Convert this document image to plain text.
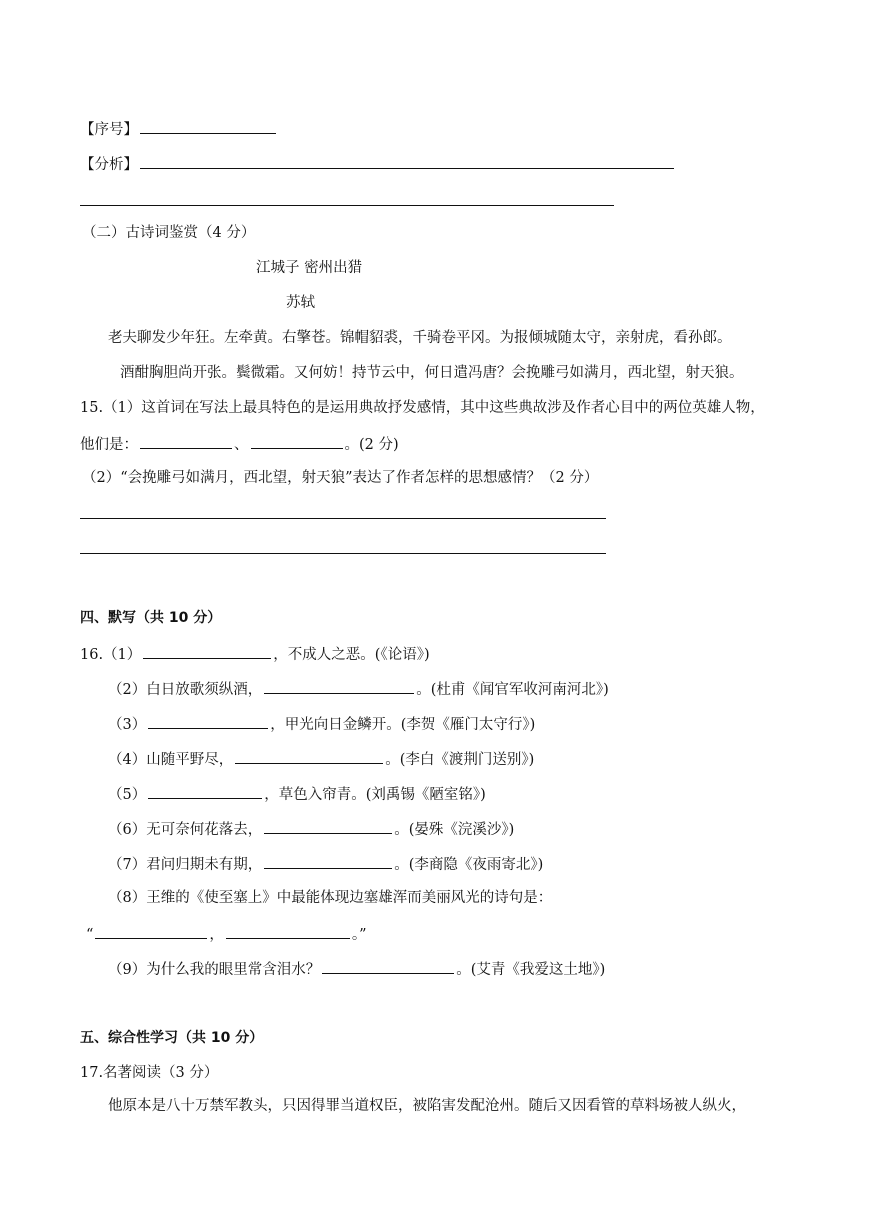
【序号】
【分析】
（二）古诗词鉴赏（4 分）
江城子 密州出猎
苏轼
老夫聊发少年狂。左牵黄。右擎苍。锦帽貂裘，千骑卷平冈。为报倾城随太守，亲射虎，看孙郎。
酒酣胸胆尚开张。鬓微霜。又何妨！持节云中，何日遣冯唐？会挽雕弓如满月，西北望，射天狼。
15.（1）这首词在写法上最具特色的是运用典故抒发感情，其中这些典故涉及作者心目中的两位英雄人物，
他们是：	、	。(2 分)
（2）“会挽雕弓如满月，西北望，射天狼”表达了作者怎样的思想感情？（2 分）
四、默写（共 10 分）
16.（1）	，不成人之恶。(《论语》)
（2）白日放歌须纵酒，	。(杜甫《闻官军收河南河北》)
（3）	，甲光向日金鳞开。(李贺《雁门太守行》)
（4）山随平野尽，	。(李白《渡荆门送别》)
（5）	，草色入帘青。(刘禹锡《陋室铭》)
（6）无可奈何花落去，	。(晏殊《浣溪沙》)
（7）君问归期未有期，	。(李商隐《夜雨寄北》)
（8）王维的《使至塞上》中最能体现边塞雄浑而美丽风光的诗句是：
“	，	。”
（9）为什么我的眼里常含泪水？	。(艾青《我爱这土地》)
五、综合性学习（共 10 分）
17.名著阅读（3 分）
他原本是八十万禁军教头，只因得罪当道权臣，被陷害发配沧州。随后又因看管的草料场被人纵火，
